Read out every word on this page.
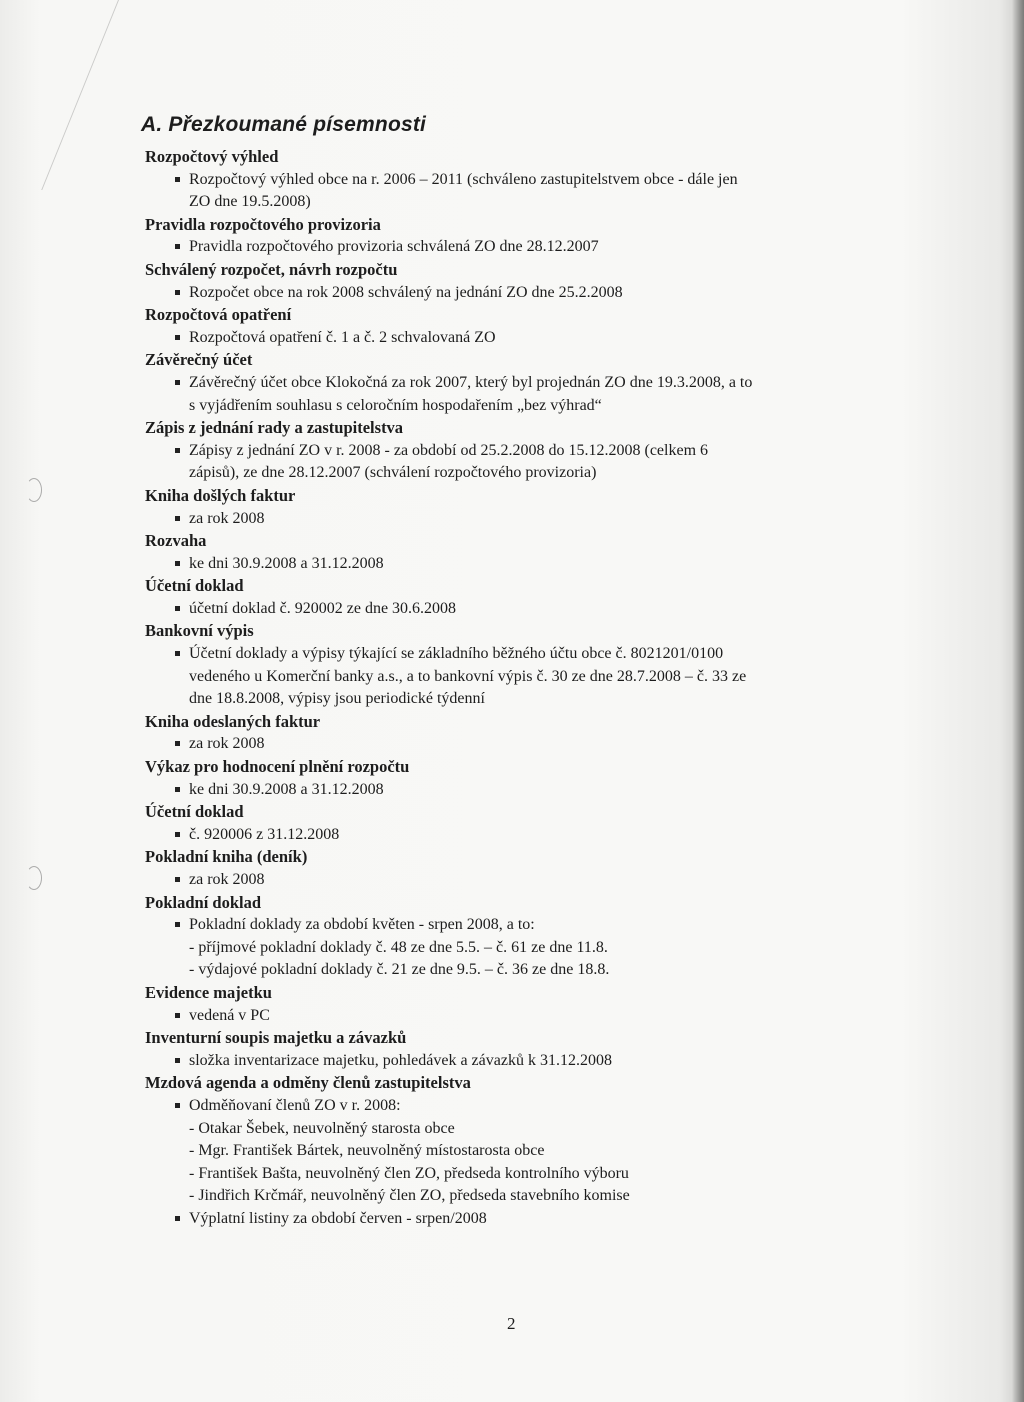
A. Přezkoumané písemnosti
Rozpočtový výhled
Rozpočtový výhled obce na r. 2006 – 2011 (schváleno zastupitelstvem obce - dále jen
ZO dne 19.5.2008)
Pravidla rozpočtového provizoria
Pravidla rozpočtového provizoria schválená ZO dne 28.12.2007
Schválený rozpočet, návrh rozpočtu
Rozpočet obce na rok 2008 schválený na jednání ZO dne 25.2.2008
Rozpočtová opatření
Rozpočtová opatření č. 1 a č. 2 schvalovaná ZO
Závěrečný účet
Závěrečný účet obce Klokočná za rok 2007, který byl projednán ZO dne 19.3.2008, a to
s vyjádřením souhlasu s celoročním hospodařením „bez výhrad“
Zápis z jednání rady a zastupitelstva
Zápisy z jednání ZO v r. 2008 - za období od 25.2.2008 do 15.12.2008 (celkem 6
zápisů), ze dne 28.12.2007 (schválení rozpočtového provizoria)
Kniha došlých faktur
za rok 2008
Rozvaha
ke dni 30.9.2008 a 31.12.2008
Účetní doklad
účetní doklad č. 920002 ze dne 30.6.2008
Bankovní výpis
Účetní doklady a výpisy týkající se základního běžného účtu obce č. 8021201/0100
vedeného u Komerční banky a.s., a to bankovní výpis č. 30 ze dne 28.7.2008 – č. 33 ze
dne 18.8.2008, výpisy jsou periodické týdenní
Kniha odeslaných faktur
za rok 2008
Výkaz pro hodnocení plnění rozpočtu
ke dni 30.9.2008 a 31.12.2008
Účetní doklad
č. 920006 z 31.12.2008
Pokladní kniha (deník)
za rok 2008
Pokladní doklad
Pokladní doklady za období květen - srpen 2008, a to:
- příjmové pokladní doklady č. 48 ze dne 5.5. – č. 61 ze dne 11.8.
- výdajové pokladní doklady č. 21 ze dne 9.5. – č. 36 ze dne 18.8.
Evidence majetku
vedená v PC
Inventurní soupis majetku a závazků
složka inventarizace majetku, pohledávek a závazků k 31.12.2008
Mzdová agenda a odměny členů zastupitelstva
Odměňovaní členů ZO v r. 2008:
- Otakar Šebek, neuvolněný starosta obce
- Mgr. František Bártek, neuvolněný místostarosta obce
- František Bašta, neuvolněný člen ZO, předseda kontrolního výboru
- Jindřich Krčmář, neuvolněný člen ZO, předseda stavebního komise
Výplatní listiny za období červen - srpen/2008
2
